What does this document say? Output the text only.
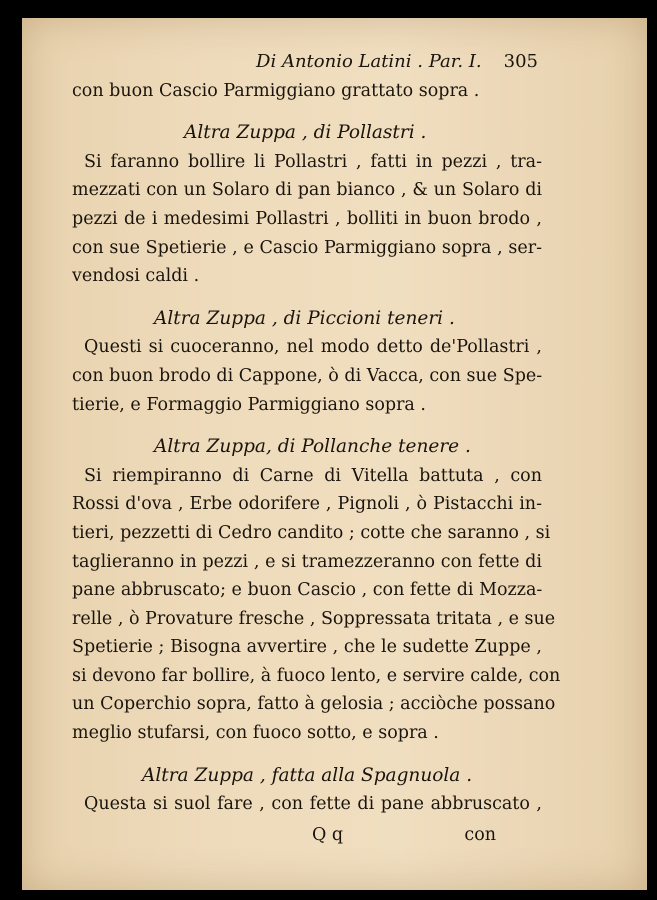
Di Antonio Latini . Par. I. 305
con buon Cascio Parmiggiano grattato sopra .
Altra Zuppa , di Pollastri .
Si faranno bollire li Pollastri , fatti in pezzi , tra-
mezzati con un Solaro di pan bianco , & un Solaro di
pezzi de i medesimi Pollastri , bolliti in buon brodo ,
con sue Spetierie , e Cascio Parmiggiano sopra , ser-
vendosi caldi .
Altra Zuppa , di Piccioni teneri .
Questi si cuoceranno, nel modo detto de'Pollastri ,
con buon brodo di Cappone, ò di Vacca, con sue Spe-
tierie, e Formaggio Parmiggiano sopra .
Altra Zuppa, di Pollanche tenere .
Si riempiranno di Carne di Vitella battuta , con
Rossi d'ova , Erbe odorifere , Pignoli , ò Pistacchi in-
tieri, pezzetti di Cedro candito ; cotte che saranno , si
taglieranno in pezzi , e si tramezzeranno con fette di
pane abbruscato; e buon Cascio , con fette di Mozza-
relle , ò Provature fresche , Soppressata tritata , e sue
Spetierie ; Bisogna avvertire , che le sudette Zuppe ,
si devono far bollire, à fuoco lento, e servire calde, con
un Coperchio sopra, fatto à gelosia ; acciòche possano
meglio stufarsi, con fuoco sotto, e sopra .
Altra Zuppa , fatta alla Spagnuola .
Questa si suol fare , con fette di pane abbruscato ,
Q q	con
